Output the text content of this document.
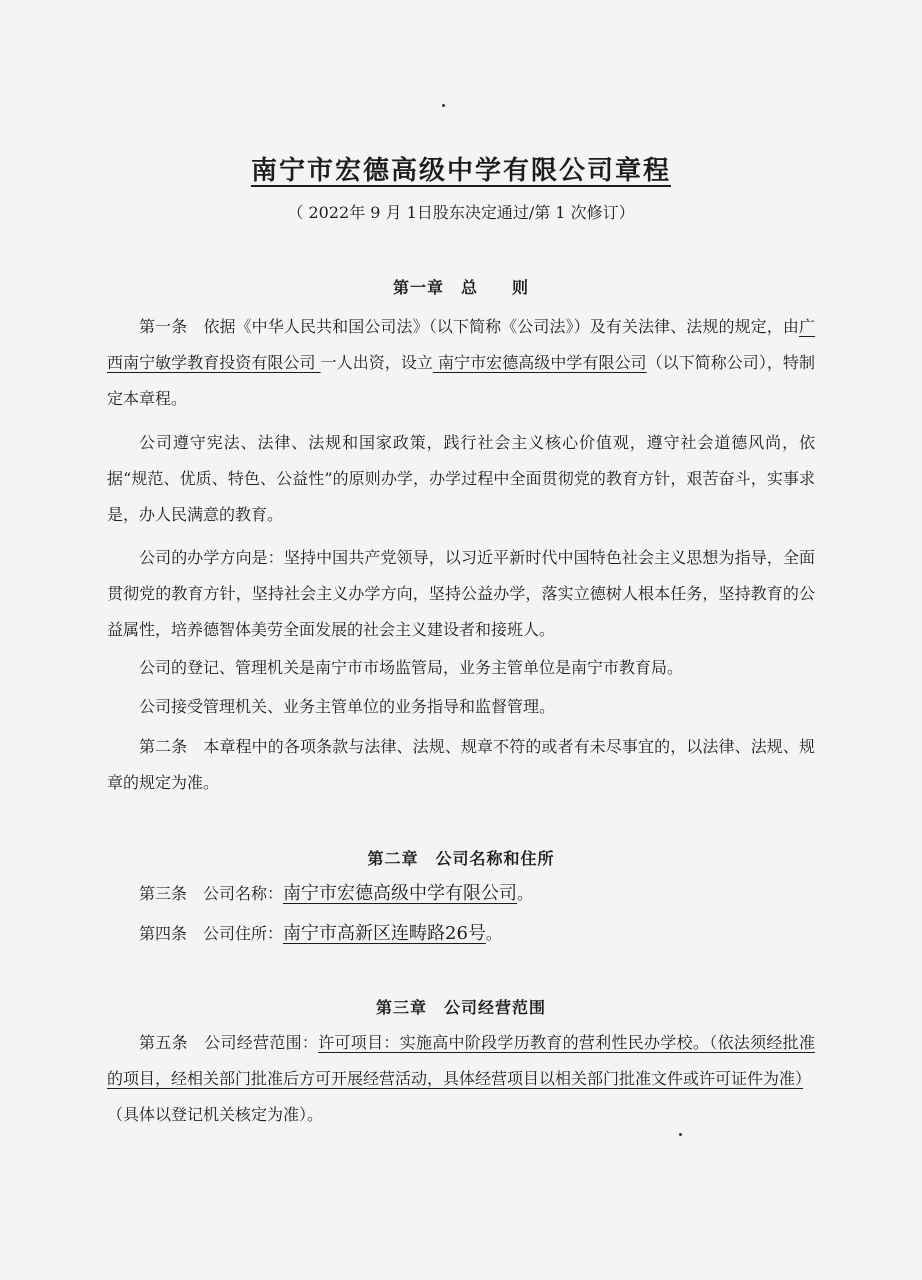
南宁市宏德高级中学有限公司章程
（ 2022年 9 月 1日股东决定通过/第 1 次修订）
第一章　总　　则
第一条　依据《中华人民共和国公司法》（以下简称《公司法》）及有关法律、法规的规定，由广西南宁敏学教育投资有限公司 一人出资，设立 南宁市宏德高级中学有限公司（以下简称公司），特制定本章程。
公司遵守宪法、法律、法规和国家政策，践行社会主义核心价值观，遵守社会道德风尚，依据“规范、优质、特色、公益性”的原则办学，办学过程中全面贯彻党的教育方针，艰苦奋斗，实事求是，办人民满意的教育。
公司的办学方向是：坚持中国共产党领导，以习近平新时代中国特色社会主义思想为指导，全面贯彻党的教育方针，坚持社会主义办学方向，坚持公益办学，落实立德树人根本任务，坚持教育的公益属性，培养德智体美劳全面发展的社会主义建设者和接班人。
公司的登记、管理机关是南宁市市场监管局，业务主管单位是南宁市教育局。
公司接受管理机关、业务主管单位的业务指导和监督管理。
第二条　本章程中的各项条款与法律、法规、规章不符的或者有未尽事宜的，以法律、法规、规章的规定为准。
第二章　公司名称和住所
第三条　公司名称：南宁市宏德高级中学有限公司。
第四条　公司住所：南宁市高新区连畴路26号。
第三章　公司经营范围
第五条　公司经营范围：许可项目：实施高中阶段学历教育的营利性民办学校。（依法须经批准的项目，经相关部门批准后方可开展经营活动，具体经营项目以相关部门批准文件或许可证件为准）　（具体以登记机关核定为准）。
